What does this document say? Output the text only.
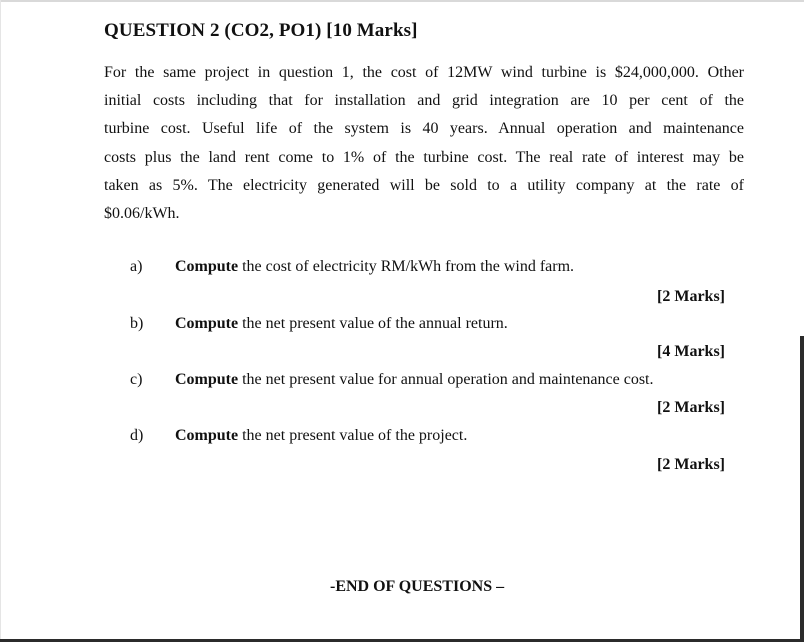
QUESTION 2 (CO2, PO1) [10 Marks]
For the same project in question 1, the cost of 12MW wind turbine is $24,000,000. Other
initial costs including that for installation and grid integration are 10 per cent of the
turbine cost. Useful life of the system is 40 years. Annual operation and maintenance
costs plus the land rent come to 1% of the turbine cost. The real rate of interest may be
taken as 5%. The electricity generated will be sold to a utility company at the rate of
$0.06/kWh.
a) Compute the cost of electricity RM/kWh from the wind farm.
[2 Marks]
b) Compute the net present value of the annual return.
[4 Marks]
c) Compute the net present value for annual operation and maintenance cost.
[2 Marks]
d) Compute the net present value of the project.
[2 Marks]
-END OF QUESTIONS –
